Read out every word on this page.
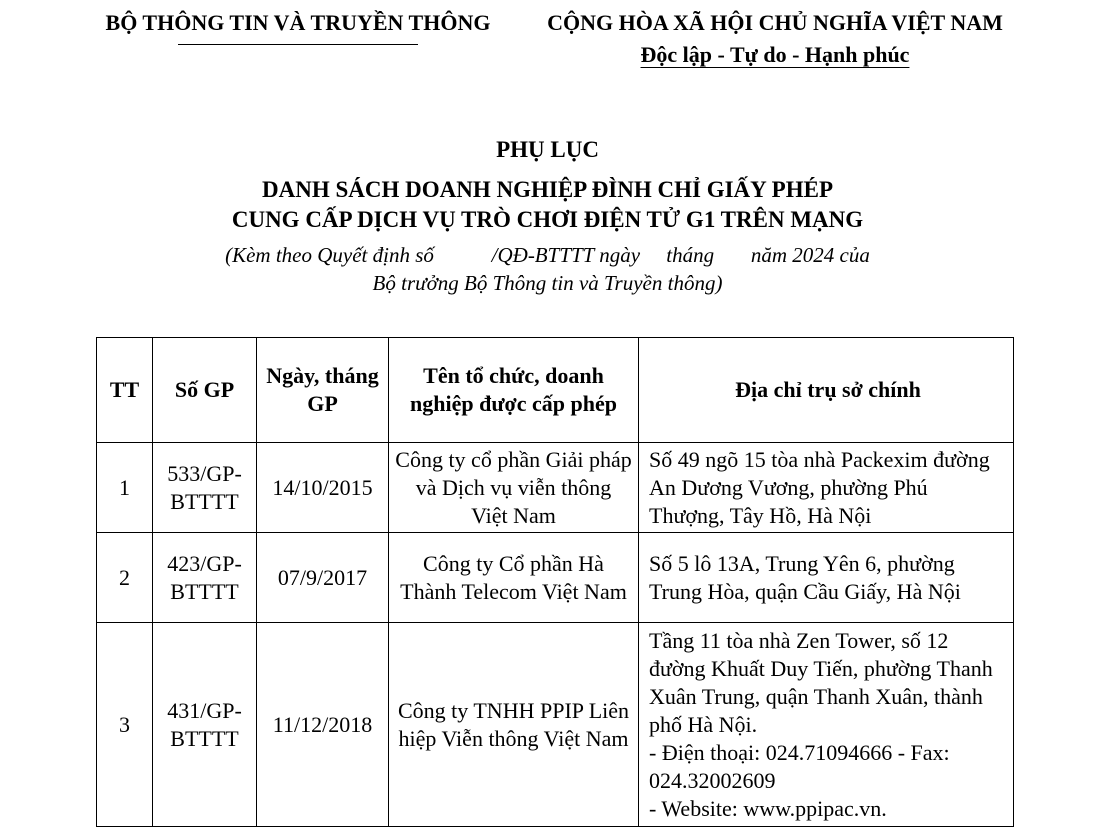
BỘ THÔNG TIN VÀ TRUYỀN THÔNG	CỘNG HÒA XÃ HỘI CHỦ NGHĨA VIỆT NAM
Độc lập - Tự do - Hạnh phúc
PHỤ LỤC
DANH SÁCH DOANH NGHIỆP ĐÌNH CHỈ GIẤY PHÉP
CUNG CẤP DỊCH VỤ TRÒ CHƠI ĐIỆN TỬ G1 TRÊN MẠNG
(Kèm theo Quyết định số           /QĐ-BTTTT ngày     tháng       năm 2024 của
Bộ trưởng Bộ Thông tin và Truyền thông)
TT	Số GP	Ngày, tháng GP	Tên tổ chức, doanh nghiệp được cấp phép	Địa chỉ trụ sở chính
1	533/GP-BTTTT	14/10/2015	Công ty cổ phần Giải pháp và Dịch vụ viễn thông Việt Nam	Số 49 ngõ 15 tòa nhà Packexim đường An Dương Vương, phường Phú Thượng, Tây Hồ, Hà Nội

2	423/GP-BTTTT	07/9/2017	Công ty Cổ phần Hà Thành Telecom Việt Nam	Số 5 lô 13A, Trung Yên 6, phường Trung Hòa, quận Cầu Giấy, Hà Nội

3	431/GP-BTTTT	11/12/2018	Công ty TNHH PPIP Liên hiệp Viễn thông Việt Nam	Tầng 11 tòa nhà Zen Tower, số 12 đường Khuất Duy Tiến, phường Thanh Xuân Trung, quận Thanh Xuân, thành phố Hà Nội.
- Điện thoại: 024.71094666 - Fax: 024.32002609
- Website: www.ppipac.vn.
